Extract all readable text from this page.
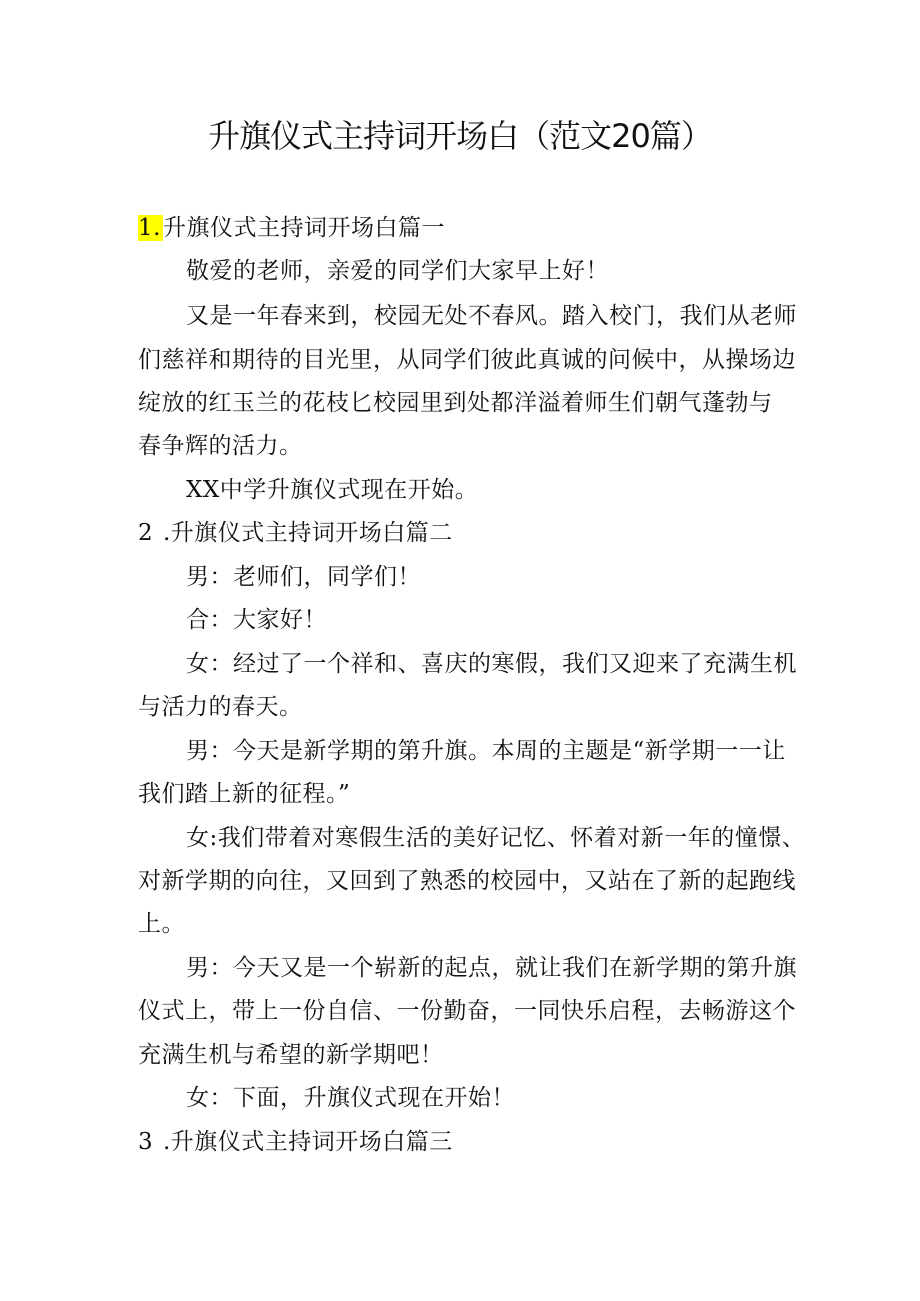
升旗仪式主持词开场白（范文20篇）
1.升旗仪式主持词开场白篇一
敬爱的老师，亲爱的同学们大家早上好！
又是一年春来到，校园无处不春风。踏入校门，我们从老师
们慈祥和期待的目光里，从同学们彼此真诚的问候中，从操场边
绽放的红玉兰的花枝匕校园里到处都洋溢着师生们朝气蓬勃与
春争辉的活力。
XX中学升旗仪式现在开始。
2 .升旗仪式主持词开场白篇二
男：老师们，同学们！
合：大家好！
女：经过了一个祥和、喜庆的寒假，我们又迎来了充满生机
与活力的春天。
男：今天是新学期的第升旗。本周的主题是“新学期一一让
我们踏上新的征程。”
女:我们带着对寒假生活的美好记忆、怀着对新一年的憧憬、
对新学期的向往，又回到了熟悉的校园中，又站在了新的起跑线
上。
男：今天又是一个崭新的起点，就让我们在新学期的第升旗
仪式上，带上一份自信、一份勤奋，一同快乐启程，去畅游这个
充满生机与希望的新学期吧！
女：下面，升旗仪式现在开始！
3 .升旗仪式主持词开场白篇三
